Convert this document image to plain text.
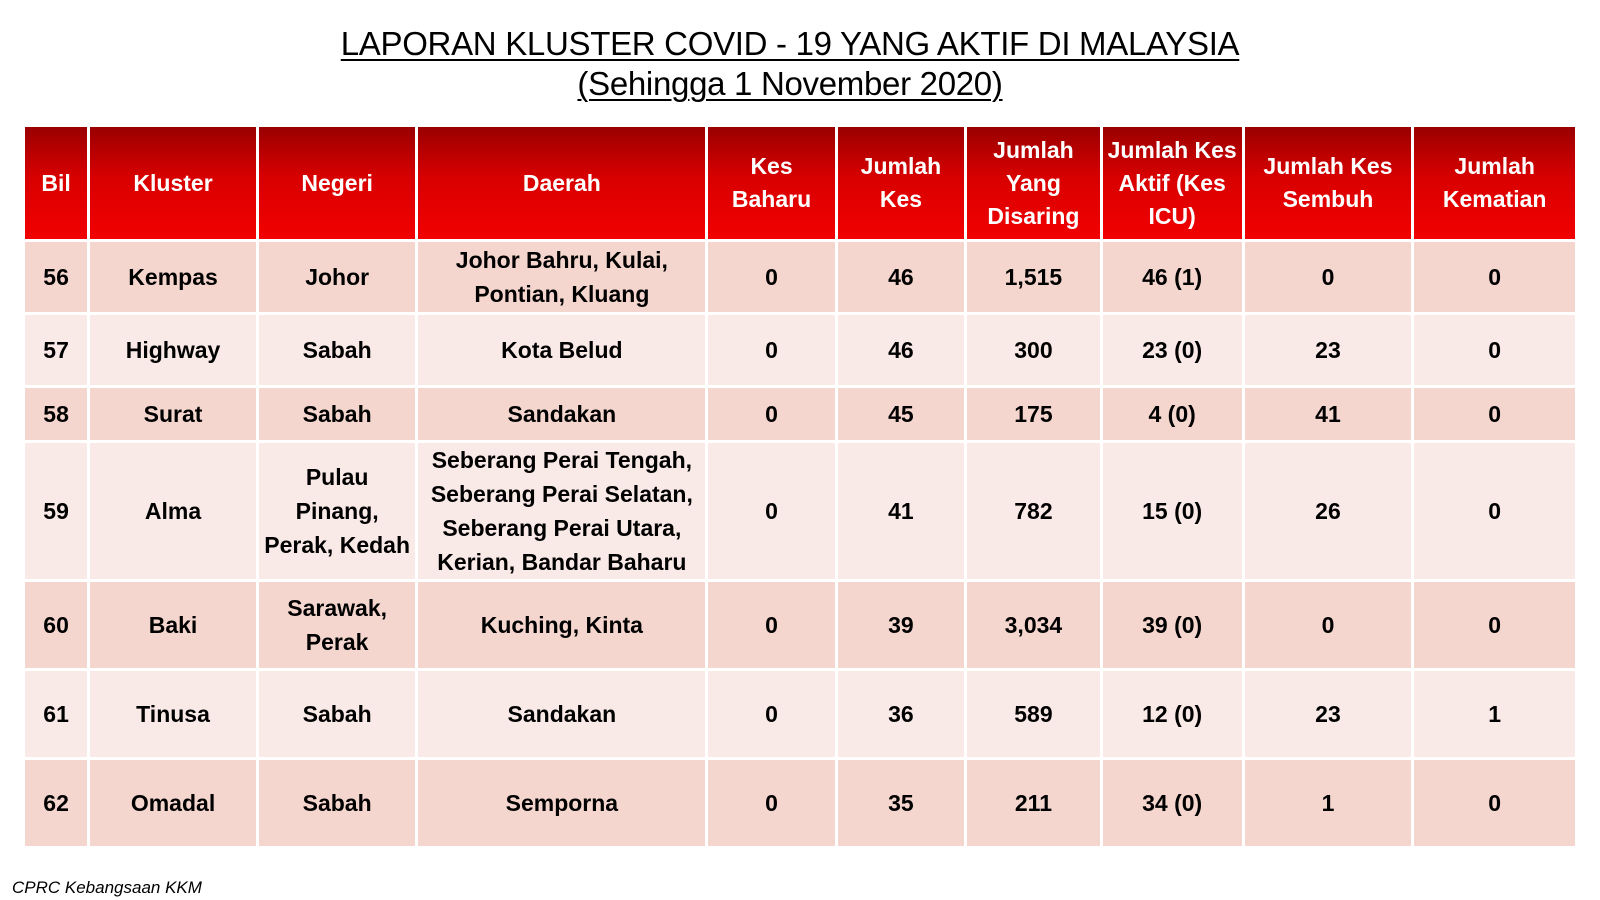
LAPORAN KLUSTER COVID - 19 YANG AKTIF DI MALAYSIA
(Sehingga 1 November 2020)
Bil	Kluster	Negeri	Daerah	Kes Baharu	Jumlah Kes	Jumlah Yang Disaring	Jumlah Kes Aktif (Kes ICU)	Jumlah Kes Sembuh	Jumlah Kematian
56	Kempas	Johor	Johor Bahru, Kulai, Pontian, Kluang	0	46	1,515	46 (1)	0	0
57	Highway	Sabah	Kota Belud	0	46	300	23 (0)	23	0
58	Surat	Sabah	Sandakan	0	45	175	4 (0)	41	0
59	Alma	Pulau Pinang, Perak, Kedah	Seberang Perai Tengah, Seberang Perai Selatan, Seberang Perai Utara, Kerian, Bandar Baharu	0	41	782	15 (0)	26	0
60	Baki	Sarawak, Perak	Kuching, Kinta	0	39	3,034	39 (0)	0	0
61	Tinusa	Sabah	Sandakan	0	36	589	12 (0)	23	1
62	Omadal	Sabah	Semporna	0	35	211	34 (0)	1	0
CPRC Kebangsaan KKM
